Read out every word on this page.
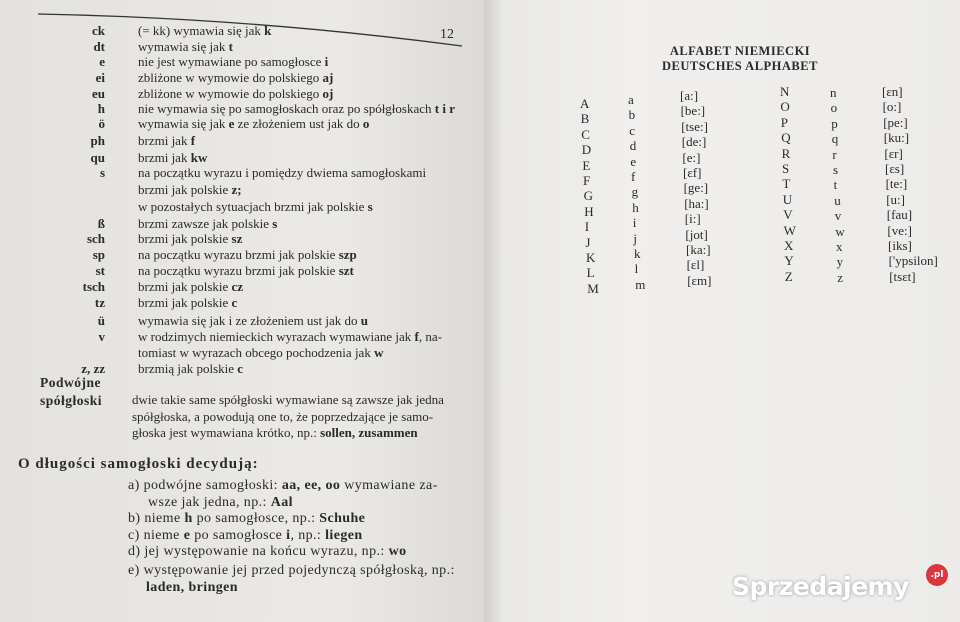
12
ck	(= kk) wymawia się jak k
dt	wymawia się jak t
e	nie jest wymawiane po samogłosce i
ei	zbliżone w wymowie do polskiego aj
eu	zbliżone w wymowie do polskiego oj
h	nie wymawia się po samogłoskach oraz po spółgłoskach t i r
ö	wymawia się jak e ze złożeniem ust jak do o
ph	brzmi jak f
qu	brzmi jak kw
s	na początku wyrazu i pomiędzy dwiema samogłoskami
brzmi jak polskie z;
w pozostałych sytuacjach brzmi jak polskie s
ß	brzmi zawsze jak polskie s
sch	brzmi jak polskie sz
sp	na początku wyrazu brzmi jak polskie szp
st	na początku wyrazu brzmi jak polskie szt
tsch	brzmi jak polskie cz
tz	brzmi jak polskie c
ü	wymawia się jak i ze złożeniem ust jak do u
v	w rodzimych niemieckich wyrazach wymawiane jak f, na-
tomiast w wyrazach obcego pochodzenia jak w
z, zz	brzmią jak polskie c
Podwójne
spółgłoski	dwie takie same spółgłoski wymawiane są zawsze jak jedna
spółgłoska, a powodują one to, że poprzedzające je samo-
głoska jest wymawiana krótko, np.: sollen, zusammen
O długości samogłoski decydują:
a) podwójne samogłoski: aa, ee, oo wymawiane za-
wsze jak jedna, np.: Aal
b) nieme h po samogłosce, np.: Schuhe
c) nieme e po samogłosce i, np.: liegen
d) jej występowanie na końcu wyrazu, np.: wo
e) występowanie jej przed pojedynczą spółgłoską, np.:
laden, bringen
ALFABET NIEMIECKI
DEUTSCHES ALPHABET
A	a	[a:]
B	b	[be:]
C	c	[tse:]
D	d	[de:]
E	e	[e:]
F	f	[ɛf]
G	g	[ge:]
H	h	[ha:]
I	i	[i:]
J	j	[jot]
K	k	[ka:]
L	l	[ɛl]
M	m	[ɛm]
N	n	[ɛn]
O	o	[o:]
P	p	[pe:]
Q	q	[ku:]
R	r	[ɛr]
S	s	[ɛs]
T	t	[te:]
U	u	[u:]
V	v	[fau]
W	w	[ve:]
X	x	[iks]
Y	y	['ypsilon]
Z	z	[tsɛt]
Sprzedajemy	.pl
